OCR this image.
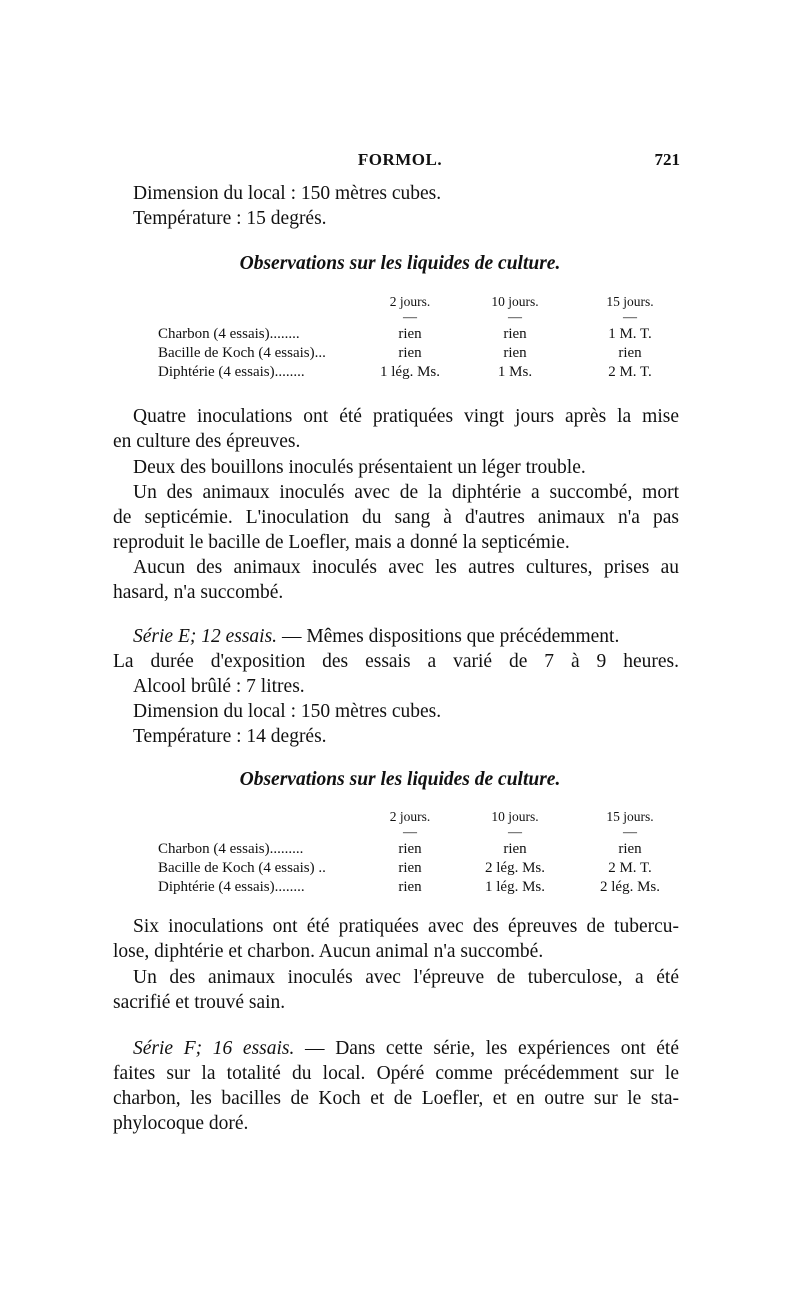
FORMOL.	721
Dimension du local : 150 mètres cubes.
Température : 15 degrés.
Observations sur les liquides de culture.
	2 jours.	10 jours.	15 jours.
	—	—	—
Charbon (4 essais)........	rien	rien	1 M. T.
Bacille de Koch (4 essais)...	rien	rien	rien
Diphtérie (4 essais)........	1 lég. Ms.	1 Ms.	2 M. T.
Quatre inoculations ont été pratiquées vingt jours après la mise
en culture des épreuves.
Deux des bouillons inoculés présentaient un léger trouble.
Un des animaux inoculés avec de la diphtérie a succombé, mort
de septicémie. L'inoculation du sang à d'autres animaux n'a pas
reproduit le bacille de Loefler, mais a donné la septicémie.
Aucun des animaux inoculés avec les autres cultures, prises au
hasard, n'a succombé.
Série E; 12 essais. — Mêmes dispositions que précédemment.
La durée d'exposition des essais a varié de 7 à 9 heures.
Alcool brûlé : 7 litres.
Dimension du local : 150 mètres cubes.
Température : 14 degrés.
Observations sur les liquides de culture.
	2 jours.	10 jours.	15 jours.
	—	—	—
Charbon (4 essais).........	rien	rien	rien
Bacille de Koch (4 essais) ..	rien	2 lég. Ms.	2 M. T.
Diphtérie (4 essais)........	rien	1 lég. Ms.	2 lég. Ms.
Six inoculations ont été pratiquées avec des épreuves de tubercu-
lose, diphtérie et charbon. Aucun animal n'a succombé.
Un des animaux inoculés avec l'épreuve de tuberculose, a été
sacrifié et trouvé sain.
Série F; 16 essais. — Dans cette série, les expériences ont été
faites sur la totalité du local. Opéré comme précédemment sur le
charbon, les bacilles de Koch et de Loefler, et en outre sur le sta-
phylocoque doré.
